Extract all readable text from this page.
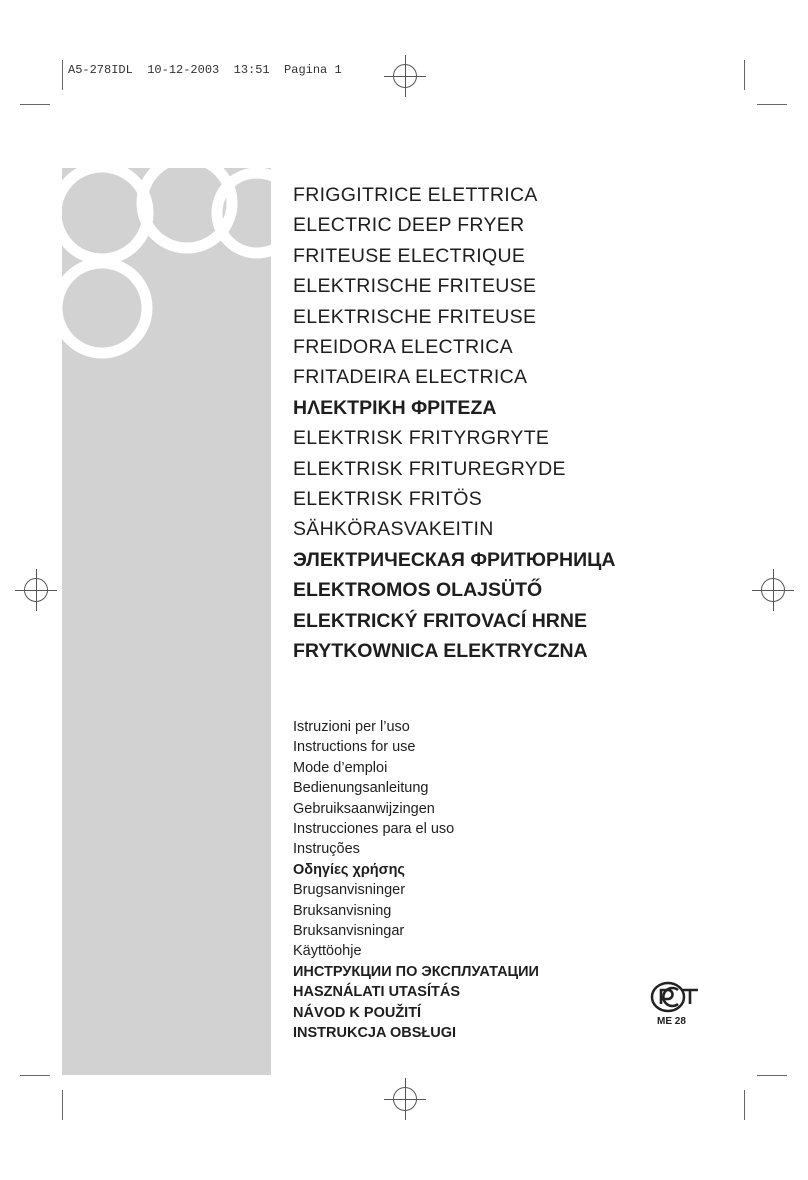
A5-278IDL  10-12-2003  13:51  Pagina 1
FRIGGITRICE ELETTRICA
ELECTRIC DEEP FRYER
FRITEUSE ELECTRIQUE
ELEKTRISCHE FRITEUSE
ELEKTRISCHE FRITEUSE
FREIDORA ELECTRICA
FRITADEIRA ELECTRICA
ΗΛΕΚΤΡΙΚΗ ΦΡΙΤΕΖΑ
ELEKTRISK FRITYRGRYTE
ELEKTRISK FRITUREGRYDE
ELEKTRISK FRITÖS
SÄHKÖRASVAKEITIN
ЭЛЕКТРИЧЕСКАЯ ФРИТЮРНИЦА
ELEKTROMOS OLAJSÜTŐ
ELEKTRICKÝ FRITOVACÍ HRNE
FRYTKOWNICA ELEKTRYCZNA
Istruzioni per l’uso
Instructions for use
Mode d’emploi
Bedienungsanleitung
Gebruiksaanwijzingen
Instrucciones para el uso
Instruções
Οδηγίες χρήσης
Brugsanvisninger
Bruksanvisning
Bruksanvisningar
Käyttöohje
ИНСТРУКЦИИ ПО ЭКСПЛУАТАЦИИ
HASZNÁLATI UTASÍTÁS
NÁVOD K POUŽITÍ
INSTRUKCJA OBSŁUGI
ME 28
